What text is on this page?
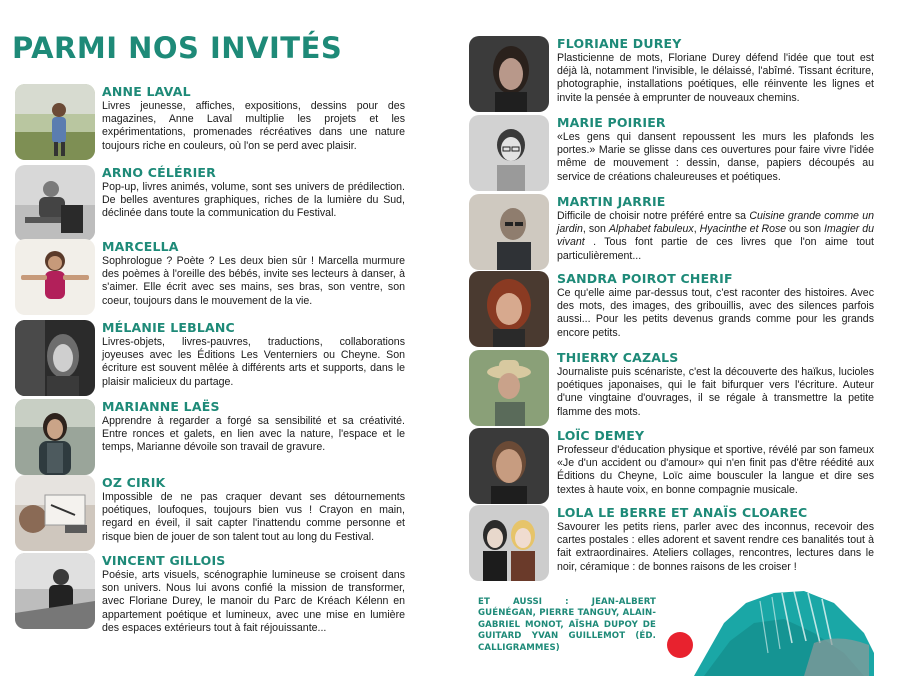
PARMI NOS INVITÉS

ANNE LAVAL

Livres jeunesse, affiches, expositions, dessins pour des magazines, Anne Laval multiplie les projets et les expérimentations, promenades récréatives dans une nature toujours riche en couleurs, où l'on se perd avec plaisir.

ARNO CÉLÉRIER

Pop-up, livres animés, volume, sont ses univers de prédilection. De belles aventures graphiques, riches de la lumière du Sud, déclinée dans toute la communication du Festival.

MARCELLA

Sophrologue ? Poète ? Les deux bien sûr ! Marcella murmure des poèmes à l'oreille des bébés, invite ses lecteurs à danser, à s'aimer. Elle écrit avec ses mains, ses bras, son ventre, son coeur, toujours dans le mouvement de la vie.

MÉLANIE LEBLANC

Livres-objets, livres-pauvres, traductions, collaborations joyeuses avec les Éditions Les Venterniers ou Cheyne. Son écriture est souvent mêlée à différents arts et supports, dans le plaisir malicieux du partage.

MARIANNE LAËS

Apprendre à regarder a forgé sa sensibilité et sa créativité. Entre ronces et galets, en lien avec la nature, l'espace et le temps, Marianne dévoile son travail de gravure.

OZ CIRIK

Impossible de ne pas craquer devant ses détournements poétiques, loufoques, toujours bien vus ! Crayon en main, regard en éveil, il sait capter l'inattendu comme personne et risque bien de jouer de son talent tout au long du Festival.

VINCENT GILLOIS

Poésie, arts visuels, scénographie lumineuse se croisent dans son univers. Nous lui avons confié la mission de transformer, avec Floriane Durey, le manoir du Parc de Kréach Kélenn en appartement poétique et lumineux, avec une mise en lumière des espaces extérieurs tout à fait réjouissante...

FLORIANE DUREY

Plasticienne de mots, Floriane Durey défend l'idée que tout est déjà là, notamment l'invisible, le délaissé, l'abîmé. Tissant écriture, photographie, installations poétiques, elle réinvente les lignes et invite la pensée à emprunter de nouveaux chemins.

MARIE POIRIER

«Les gens qui dansent repoussent les murs les plafonds les portes.» Marie se glisse dans ces ouvertures pour faire vivre l'idée même de mouvement : dessin, danse, papiers découpés au service de créations chaleureuses et poétiques.

MARTIN JARRIE

Difficile de choisir notre préféré entre sa Cuisine grande comme un jardin, son Alphabet fabuleux, Hyacinthe et Rose ou son Imagier du vivant . Tous font partie de ces livres que l'on aime tout particulièrement...

SANDRA POIROT CHERIF

Ce qu'elle aime par-dessus tout, c'est raconter des histoires. Avec des mots, des images, des gribouillis, avec des silences parfois aussi... Pour les petits devenus grands comme pour les grands encore petits.

THIERRY CAZALS

Journaliste puis scénariste, c'est la découverte des haïkus, lucioles poétiques japonaises, qui le fait bifurquer vers l'écriture. Auteur d'une vingtaine d'ouvrages, il se régale à transmettre la petite flamme des mots.

LOÏC DEMEY

Professeur d'éducation physique et sportive, révélé par son fameux «Je d'un accident ou d'amour» qui n'en finit pas d'être réédité aux Éditions du Cheyne, Loïc aime bousculer la langue et dire ses textes à haute voix, en bonne compagnie musicale.

LOLA LE BERRE ET ANAÏS CLOAREC

Savourer les petits riens, parler avec des inconnus, recevoir des cartes postales : elles adorent et savent rendre ces banalités tout à fait extraordinaires. Ateliers collages, rencontres, lectures dans le noir, céramique : de bonnes raisons de les croiser !

ET AUSSI : JEAN-ALBERT GUÉNÉGAN, PIERRE TANGUY, ALAIN-GABRIEL MONOT, AÏSHA DUPOY DE GUITARD YVAN GUILLEMOT (ÉD. CALLIGRAMMES)
